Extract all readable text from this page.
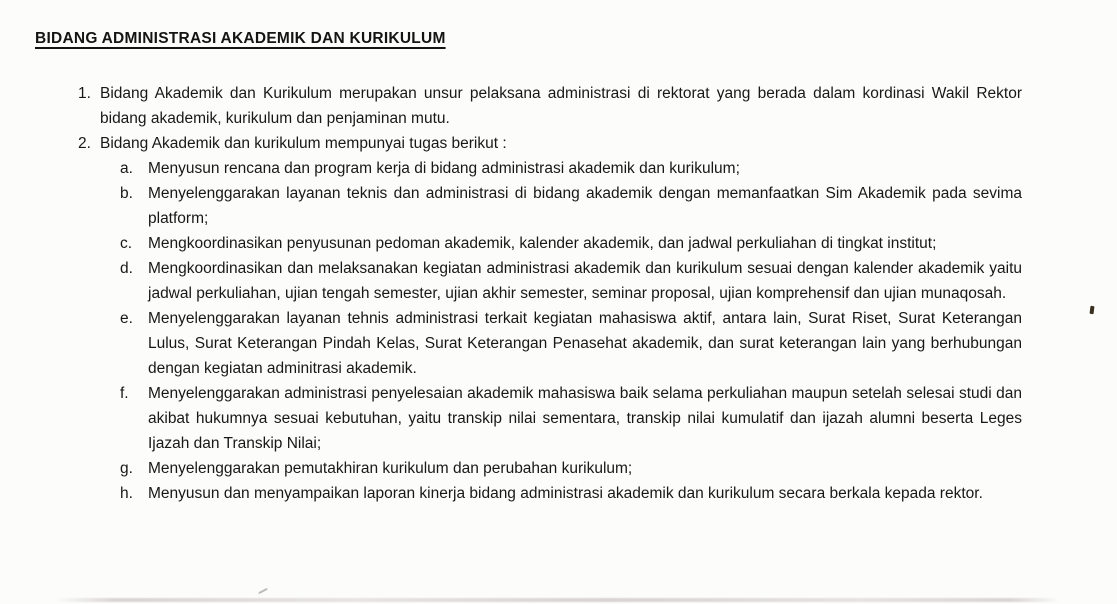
BIDANG ADMINISTRASI AKADEMIK DAN KURIKULUM
1. Bidang Akademik dan Kurikulum merupakan unsur pelaksana administrasi di rektorat yang berada dalam kordinasi Wakil Rektor bidang akademik, kurikulum dan penjaminan mutu.
2. Bidang Akademik dan kurikulum mempunyai tugas berikut :
a. Menyusun rencana dan program kerja di bidang administrasi akademik dan kurikulum;
b. Menyelenggarakan layanan teknis dan administrasi di bidang akademik dengan memanfaatkan Sim Akademik pada sevima platform;
c.	Mengkoordinasikan penyusunan pedoman akademik, kalender akademik, dan jadwal perkuliahan di tingkat institut;
d. Mengkoordinasikan dan melaksanakan kegiatan administrasi akademik dan kurikulum sesuai dengan kalender akademik yaitu jadwal perkuliahan, ujian tengah semester, ujian akhir semester, seminar proposal, ujian komprehensif dan ujian munaqosah.
e. Menyelenggarakan layanan tehnis administrasi terkait kegiatan mahasiswa aktif, antara lain, Surat Riset, Surat Keterangan Lulus, Surat Keterangan Pindah Kelas, Surat Keterangan Penasehat akademik, dan surat keterangan lain yang berhubungan dengan kegiatan adminitrasi akademik.
f.	Menyelenggarakan administrasi penyelesaian akademik mahasiswa baik selama perkuliahan maupun setelah selesai studi dan akibat hukumnya sesuai kebutuhan, yaitu transkip nilai sementara, transkip nilai kumulatif dan ijazah alumni beserta Leges Ijazah dan Transkip Nilai;
g. Menyelenggarakan pemutakhiran kurikulum dan perubahan kurikulum;
h. Menyusun dan menyampaikan laporan kinerja bidang administrasi akademik dan kurikulum secara berkala kepada rektor.
